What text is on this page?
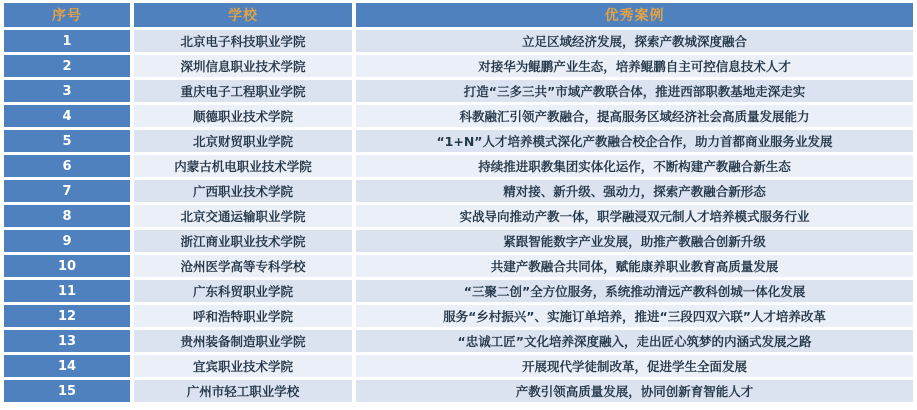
序号	学校	优秀案例
1	北京电子科技职业学院	立足区域经济发展，探索产教城深度融合
2	深圳信息职业技术学院	对接华为鲲鹏产业生态，培养鲲鹏自主可控信息技术人才
3	重庆电子工程职业学院	打造“三多三共”市域产教联合体，推进西部职教基地走深走实
4	顺德职业技术学院	科教融汇引领产教融合，提高服务区域经济社会高质量发展能力
5	北京财贸职业学院	“1+N”人才培养模式深化产教融合校企合作，助力首都商业服务业发展
6	内蒙古机电职业技术学院	持续推进职教集团实体化运作，不断构建产教融合新生态
7	广西职业技术学院	精对接、新升级、强动力，探索产教融合新形态
8	北京交通运输职业学院	实战导向推动产教一体，职学融浸双元制人才培养模式服务行业
9	浙江商业职业技术学院	紧跟智能数字产业发展，助推产教融合创新升级
10	沧州医学高等专科学校	共建产教融合共同体，赋能康养职业教育高质量发展
11	广东科贸职业学院	“三聚二创”全方位服务，系统推动清远产教科创城一体化发展
12	呼和浩特职业学院	服务“乡村振兴”、实施订单培养，推进“三段四双六联”人才培养改革
13	贵州装备制造职业学院	“忠诚工匠”文化培养深度融入，走出匠心筑梦的内涵式发展之路
14	宜宾职业技术学院	开展现代学徒制改革，促进学生全面发展
15	广州市轻工职业学校	产教引领高质量发展，协同创新育智能人才
